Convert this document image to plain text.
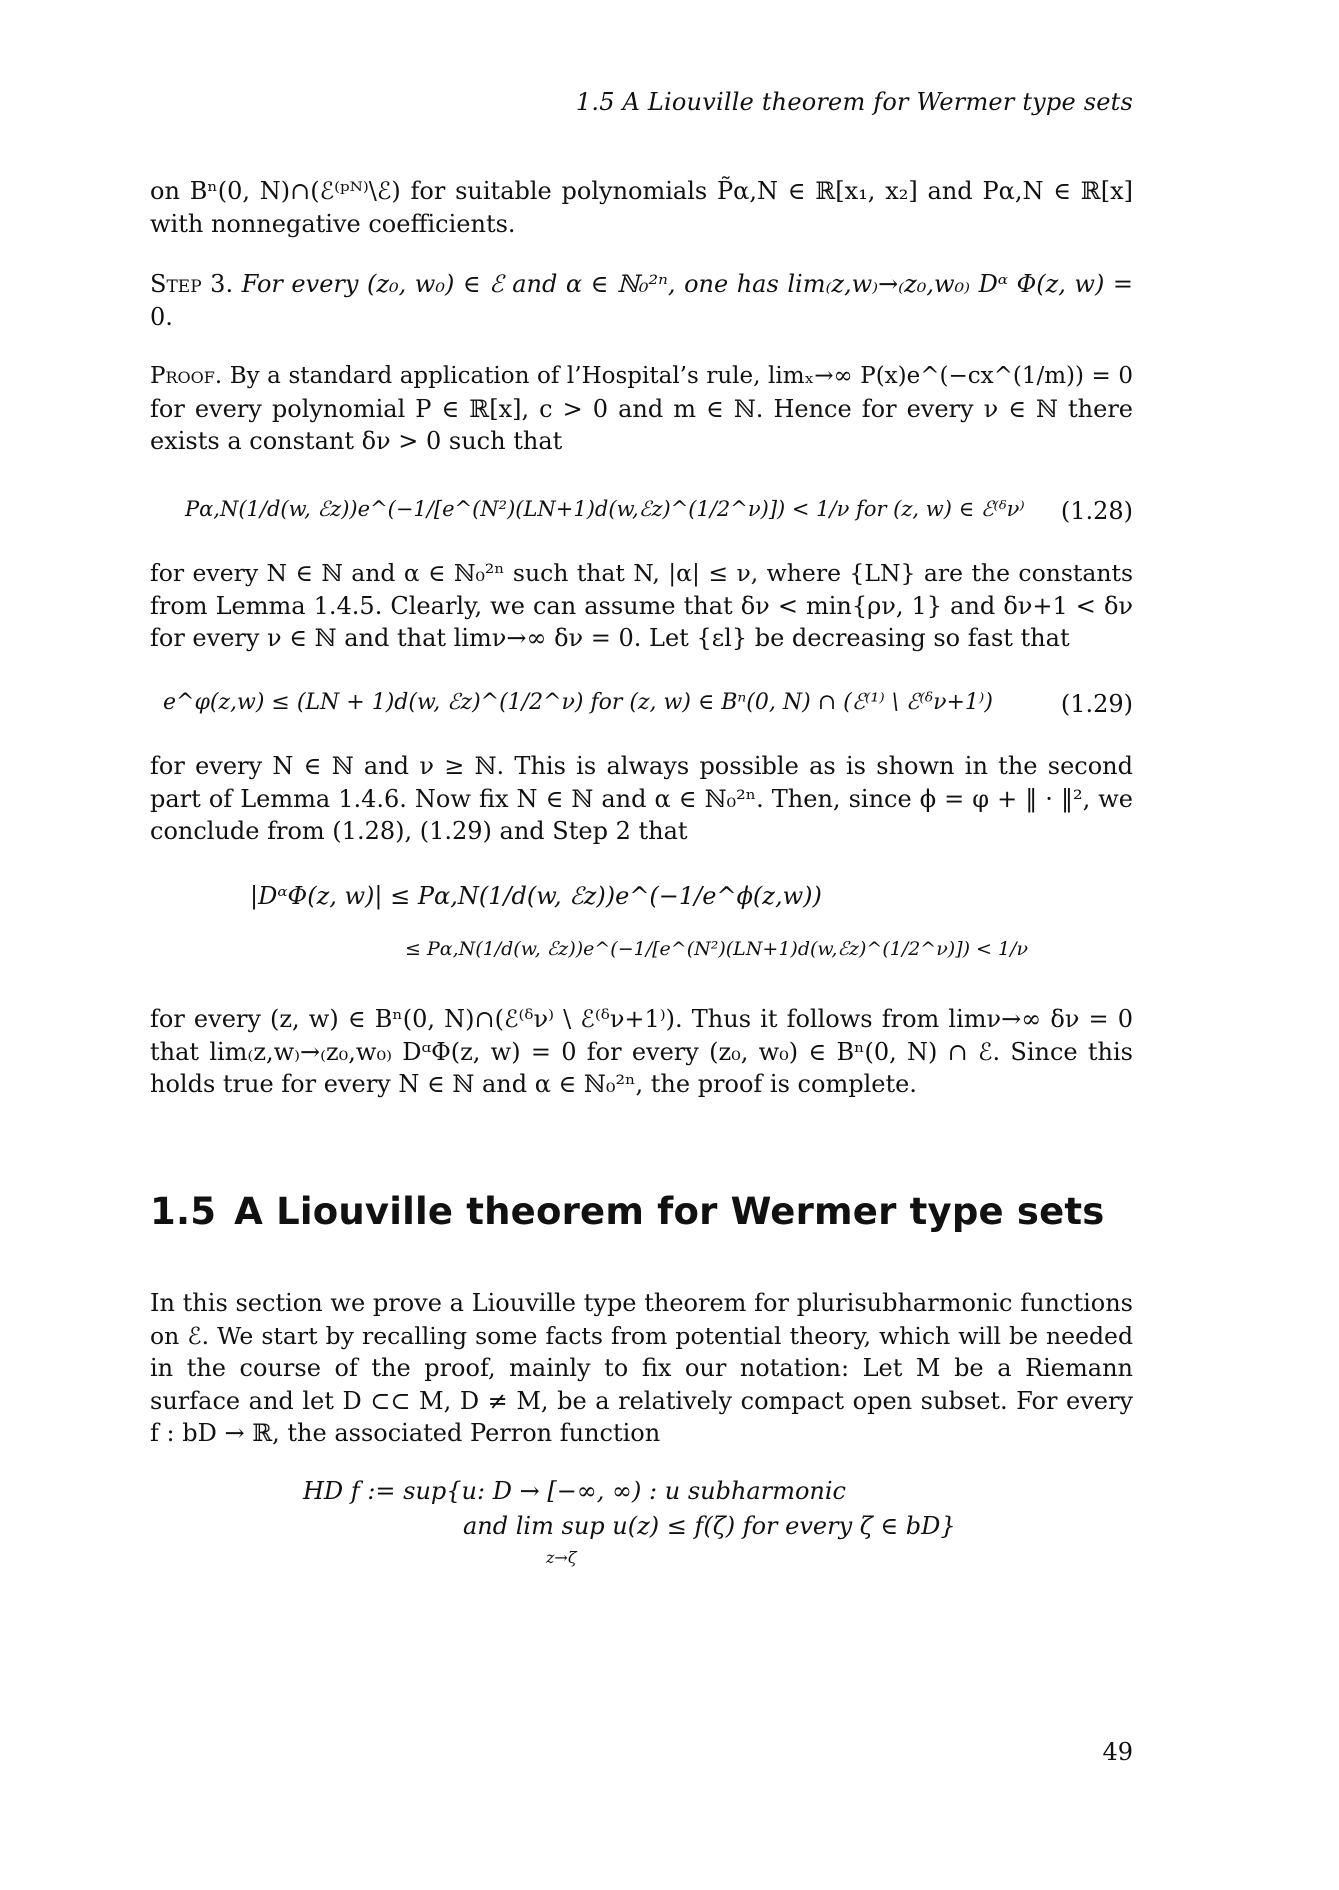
1.5 A Liouville theorem for Wermer type sets
on Bⁿ(0, N)∩(ℰ⁽ᵖᴺ⁾\ℰ) for suitable polynomials P̃α,N ∈ ℝ[x₁, x₂] and Pα,N ∈ ℝ[x]
with nonnegative coefficients.
Step 3. For every (z₀, w₀) ∈ ℰ and α ∈ ℕ₀²ⁿ, one has lim₍z,w₎→₍z₀,w₀₎ Dᵅ Φ(z, w) =
0.
Proof. By a standard application of l’Hospital’s rule, limₓ→∞ P(x)e^(−cx^(1/m)) = 0
for every polynomial P ∈ ℝ[x], c > 0 and m ∈ ℕ. Hence for every ν ∈ ℕ there
exists a constant δν > 0 such that
Pα,N(1/d(w, ℰz))e^(−1/[e^(N²)(LN+1)d(w,ℰz)^(1/2^ν)]) < 1/ν for (z, w) ∈ ℰ⁽ᵟν⁾ (1.28)
for every N ∈ ℕ and α ∈ ℕ₀²ⁿ such that N, |α| ≤ ν, where {LN} are the constants
from Lemma 1.4.5. Clearly, we can assume that δν < min{ρν, 1} and δν+1 < δν
for every ν ∈ ℕ and that limν→∞ δν = 0. Let {εl} be decreasing so fast that
e^φ(z,w) ≤ (LN + 1)d(w, ℰz)^(1/2^ν) for (z, w) ∈ Bⁿ(0, N) ∩ (ℰ⁽¹⁾ \ ℰ⁽ᵟν+1⁾)	(1.29)
for every N ∈ ℕ and ν ≥ ℕ. This is always possible as is shown in the second
part of Lemma 1.4.6. Now fix N ∈ ℕ and α ∈ ℕ₀²ⁿ. Then, since ϕ = φ + ‖ · ‖², we
conclude from (1.28), (1.29) and Step 2 that
|DᵅΦ(z, w)| ≤ Pα,N(1/d(w, ℰz))e^(−1/e^ϕ(z,w))
≤ Pα,N(1/d(w, ℰz))e^(−1/[e^(N²)(LN+1)d(w,ℰz)^(1/2^ν)]) < 1/ν
for every (z, w) ∈ Bⁿ(0, N)∩(ℰ⁽ᵟν⁾ \ ℰ⁽ᵟν+1⁾). Thus it follows from limν→∞ δν = 0
that lim₍z,w₎→₍z₀,w₀₎ DᵅΦ(z, w) = 0 for every (z₀, w₀) ∈ Bⁿ(0, N) ∩ ℰ. Since this
holds true for every N ∈ ℕ and α ∈ ℕ₀²ⁿ, the proof is complete.
1.5 A Liouville theorem for Wermer type sets
In this section we prove a Liouville type theorem for plurisubharmonic functions
on ℰ. We start by recalling some facts from potential theory, which will be needed
in the course of the proof, mainly to fix our notation: Let M be a Riemann
surface and let D ⊂⊂ M, D ≠ M, be a relatively compact open subset. For every
f : bD → ℝ, the associated Perron function
HD f := sup{u: D → [−∞, ∞) : u subharmonic
and lim sup u(z) ≤ f(ζ) for every ζ ∈ bD}
z→ζ
49
